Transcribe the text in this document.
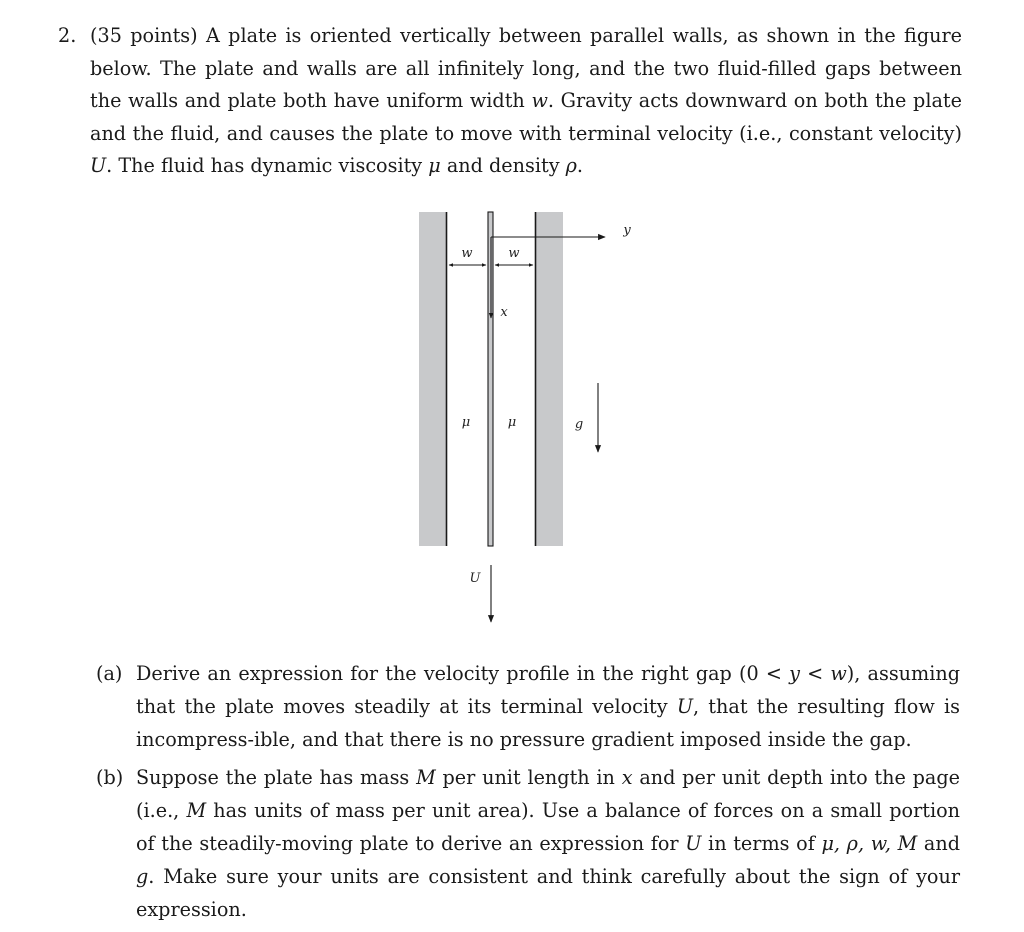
2. (35 points) A plate is oriented vertically between parallel walls, as shown in the figure below. The plate and walls are all infinitely long, and the two fluid-filled gaps between the walls and plate both have uniform width w. Gravity acts downward on both the plate and the fluid, and causes the plate to move with terminal velocity (i.e., constant velocity) U. The fluid has dynamic viscosity μ and density ρ.
w	w
x
y
μ	μ	g
U
(a) Derive an expression for the velocity profile in the right gap (0 < y < w), assuming that the plate moves steadily at its terminal velocity U, that the resulting flow is incompress-ible, and that there is no pressure gradient imposed inside the gap.
(b) Suppose the plate has mass M per unit length in x and per unit depth into the page (i.e., M has units of mass per unit area). Use a balance of forces on a small portion of the steadily-moving plate to derive an expression for U in terms of μ, ρ, w, M and g. Make sure your units are consistent and think carefully about the sign of your expression.
